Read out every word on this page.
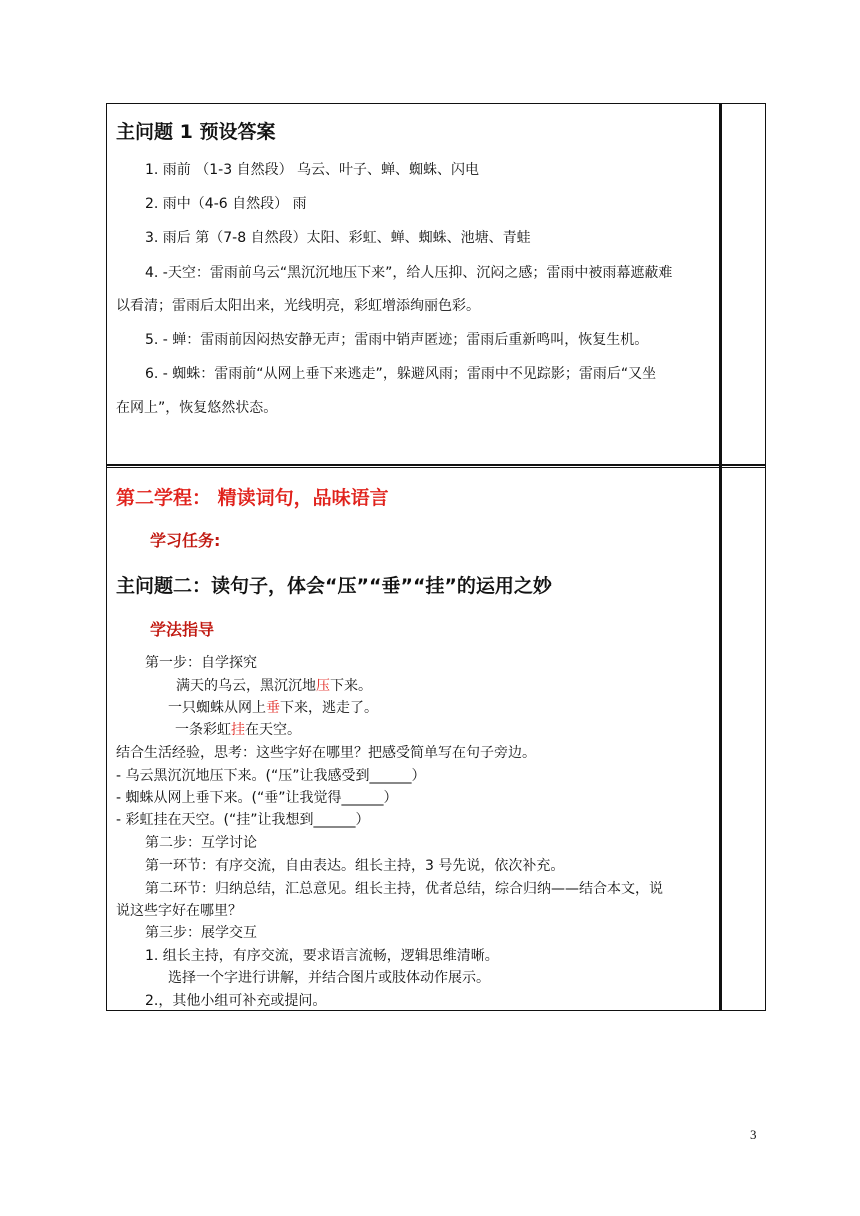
主问题 1 预设答案
1. 雨前 （1-3 自然段） 乌云、叶子、蝉、蜘蛛、闪电
2. 雨中（4-6 自然段） 雨
3. 雨后 第（7-8 自然段）太阳、彩虹、蝉、蜘蛛、池塘、青蛙
4. -天空：雷雨前乌云“黑沉沉地压下来”，给人压抑、沉闷之感；雷雨中被雨幕遮蔽难
以看清；雷雨后太阳出来，光线明亮，彩虹增添绚丽色彩。
5. - 蝉：雷雨前因闷热安静无声；雷雨中销声匿迹；雷雨后重新鸣叫，恢复生机。
6. - 蜘蛛：雷雨前“从网上垂下来逃走”，躲避风雨；雷雨中不见踪影；雷雨后“又坐
在网上”，恢复悠然状态。
第二学程： 精读词句，品味语言
学习任务:
主问题二：读句子，体会“压”“垂”“挂”的运用之妙
学法指导
第一步：自学探究
满天的乌云，黑沉沉地压下来。
一只蜘蛛从网上垂下来，逃走了。
一条彩虹挂在天空。
结合生活经验，思考：这些字好在哪里？把感受简单写在句子旁边。
- 乌云黑沉沉地压下来。(“压”让我感受到______）
- 蜘蛛从网上垂下来。(“垂”让我觉得______）
- 彩虹挂在天空。(“挂”让我想到______）
第二步：互学讨论
第一环节：有序交流，自由表达。组长主持，3 号先说，依次补充。
第二环节：归纳总结，汇总意见。组长主持，优者总结，综合归纳——结合本文，说
说这些字好在哪里？
第三步：展学交互
1. 组长主持，有序交流，要求语言流畅，逻辑思维清晰。
选择一个字进行讲解，并结合图片或肢体动作展示。
2.，其他小组可补充或提问。
3
